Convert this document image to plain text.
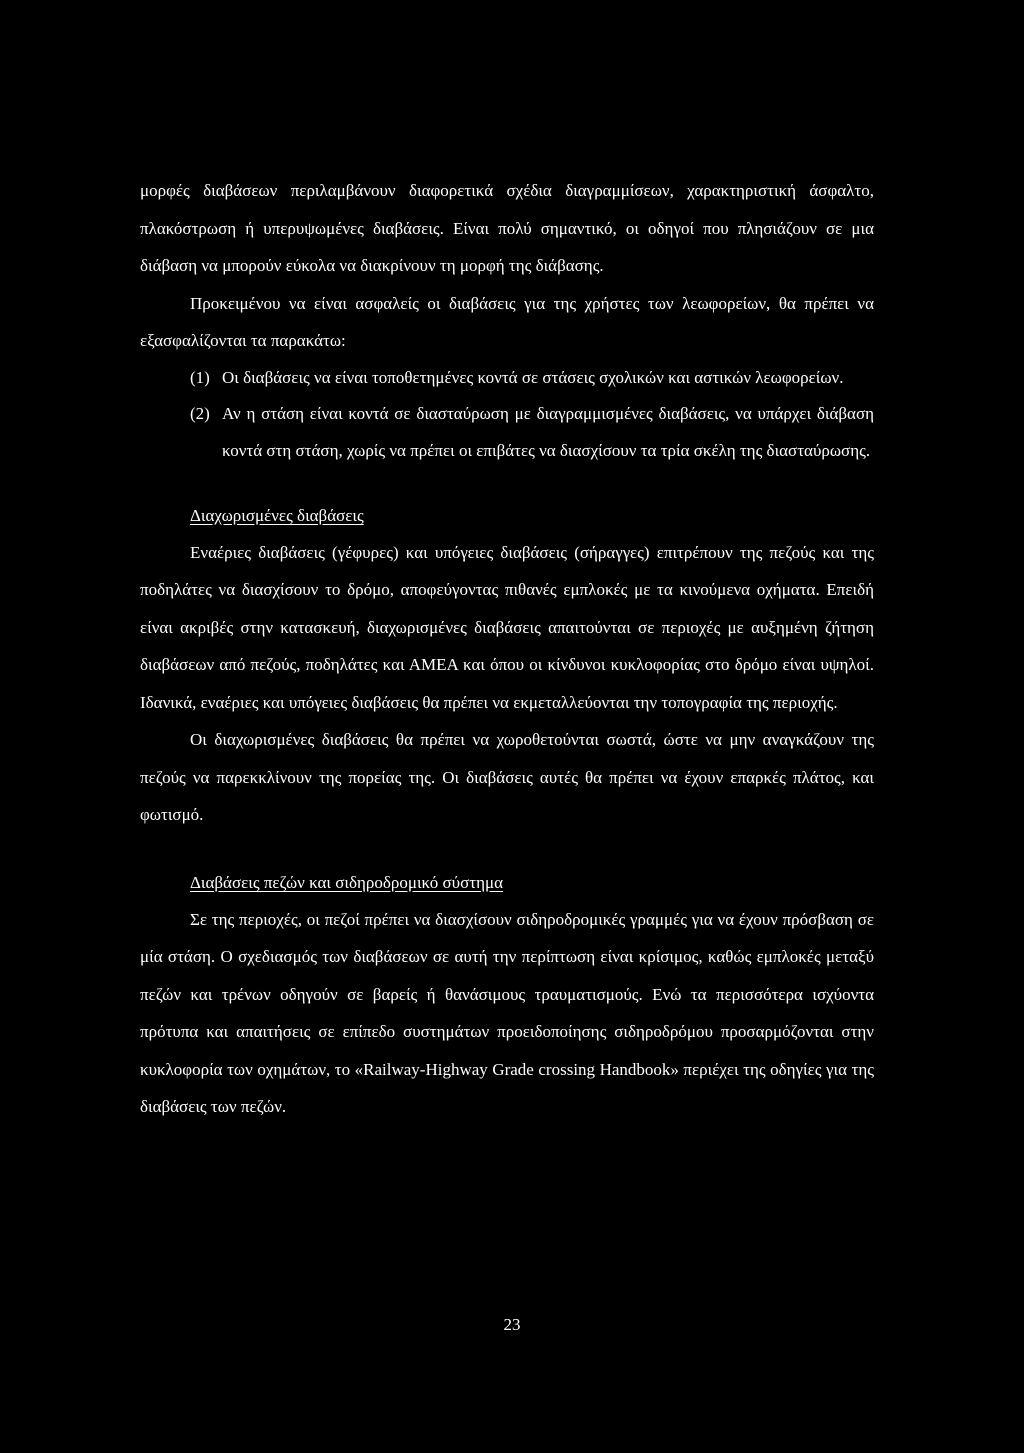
μορφές διαβάσεων περιλαμβάνουν διαφορετικά σχέδια διαγραμμίσεων, χαρακτηριστική άσφαλτο, πλακόστρωση ή υπερυψωμένες διαβάσεις. Είναι πολύ σημαντικό, οι οδηγοί που πλησιάζουν σε μια διάβαση να μπορούν εύκολα να διακρίνουν τη μορφή της διάβασης.

Προκειμένου να είναι ασφαλείς οι διαβάσεις για της χρήστες των λεωφορείων, θα πρέπει να εξασφαλίζονται τα παρακάτω:

(1) Οι διαβάσεις να είναι τοποθετημένες κοντά σε στάσεις σχολικών και αστικών λεωφορείων.
(2) Αν η στάση είναι κοντά σε διασταύρωση με διαγραμμισμένες διαβάσεις, να υπάρχει διάβαση κοντά στη στάση, χωρίς να πρέπει οι επιβάτες να διασχίσουν τα τρία σκέλη της διασταύρωσης.
Διαχωρισμένες διαβάσεις

Εναέριες διαβάσεις (γέφυρες) και υπόγειες διαβάσεις (σήραγγες) επιτρέπουν της πεζούς και της ποδηλάτες να διασχίσουν το δρόμο, αποφεύγοντας πιθανές εμπλοκές με τα κινούμενα οχήματα. Επειδή είναι ακριβές στην κατασκευή, διαχωρισμένες διαβάσεις απαιτούνται σε περιοχές με αυξημένη ζήτηση διαβάσεων από πεζούς, ποδηλάτες και ΑΜΕΑ και όπου οι κίνδυνοι κυκλοφορίας στο δρόμο είναι υψηλοί. Ιδανικά, εναέριες και υπόγειες διαβάσεις θα πρέπει να εκμεταλλεύονται την τοπογραφία της περιοχής.

Οι διαχωρισμένες διαβάσεις θα πρέπει να χωροθετούνται σωστά, ώστε να μην αναγκάζουν της πεζούς να παρεκκλίνουν της πορείας της. Οι διαβάσεις αυτές θα πρέπει να έχουν επαρκές πλάτος, και φωτισμό.

Διαβάσεις πεζών και σιδηροδρομικό σύστημα

Σε της περιοχές, οι πεζοί πρέπει να διασχίσουν σιδηροδρομικές γραμμές για να έχουν πρόσβαση σε μία στάση. Ο σχεδιασμός των διαβάσεων σε αυτή την περίπτωση είναι κρίσιμος, καθώς εμπλοκές μεταξύ πεζών και τρένων οδηγούν σε βαρείς ή θανάσιμους τραυματισμούς. Ενώ τα περισσότερα ισχύοντα πρότυπα και απαιτήσεις σε επίπεδο συστημάτων προειδοποίησης σιδηροδρόμου προσαρμόζονται στην κυκλοφορία των οχημάτων, το «Railway-Highway Grade crossing Handbook» περιέχει της οδηγίες για της διαβάσεις των πεζών.

23
